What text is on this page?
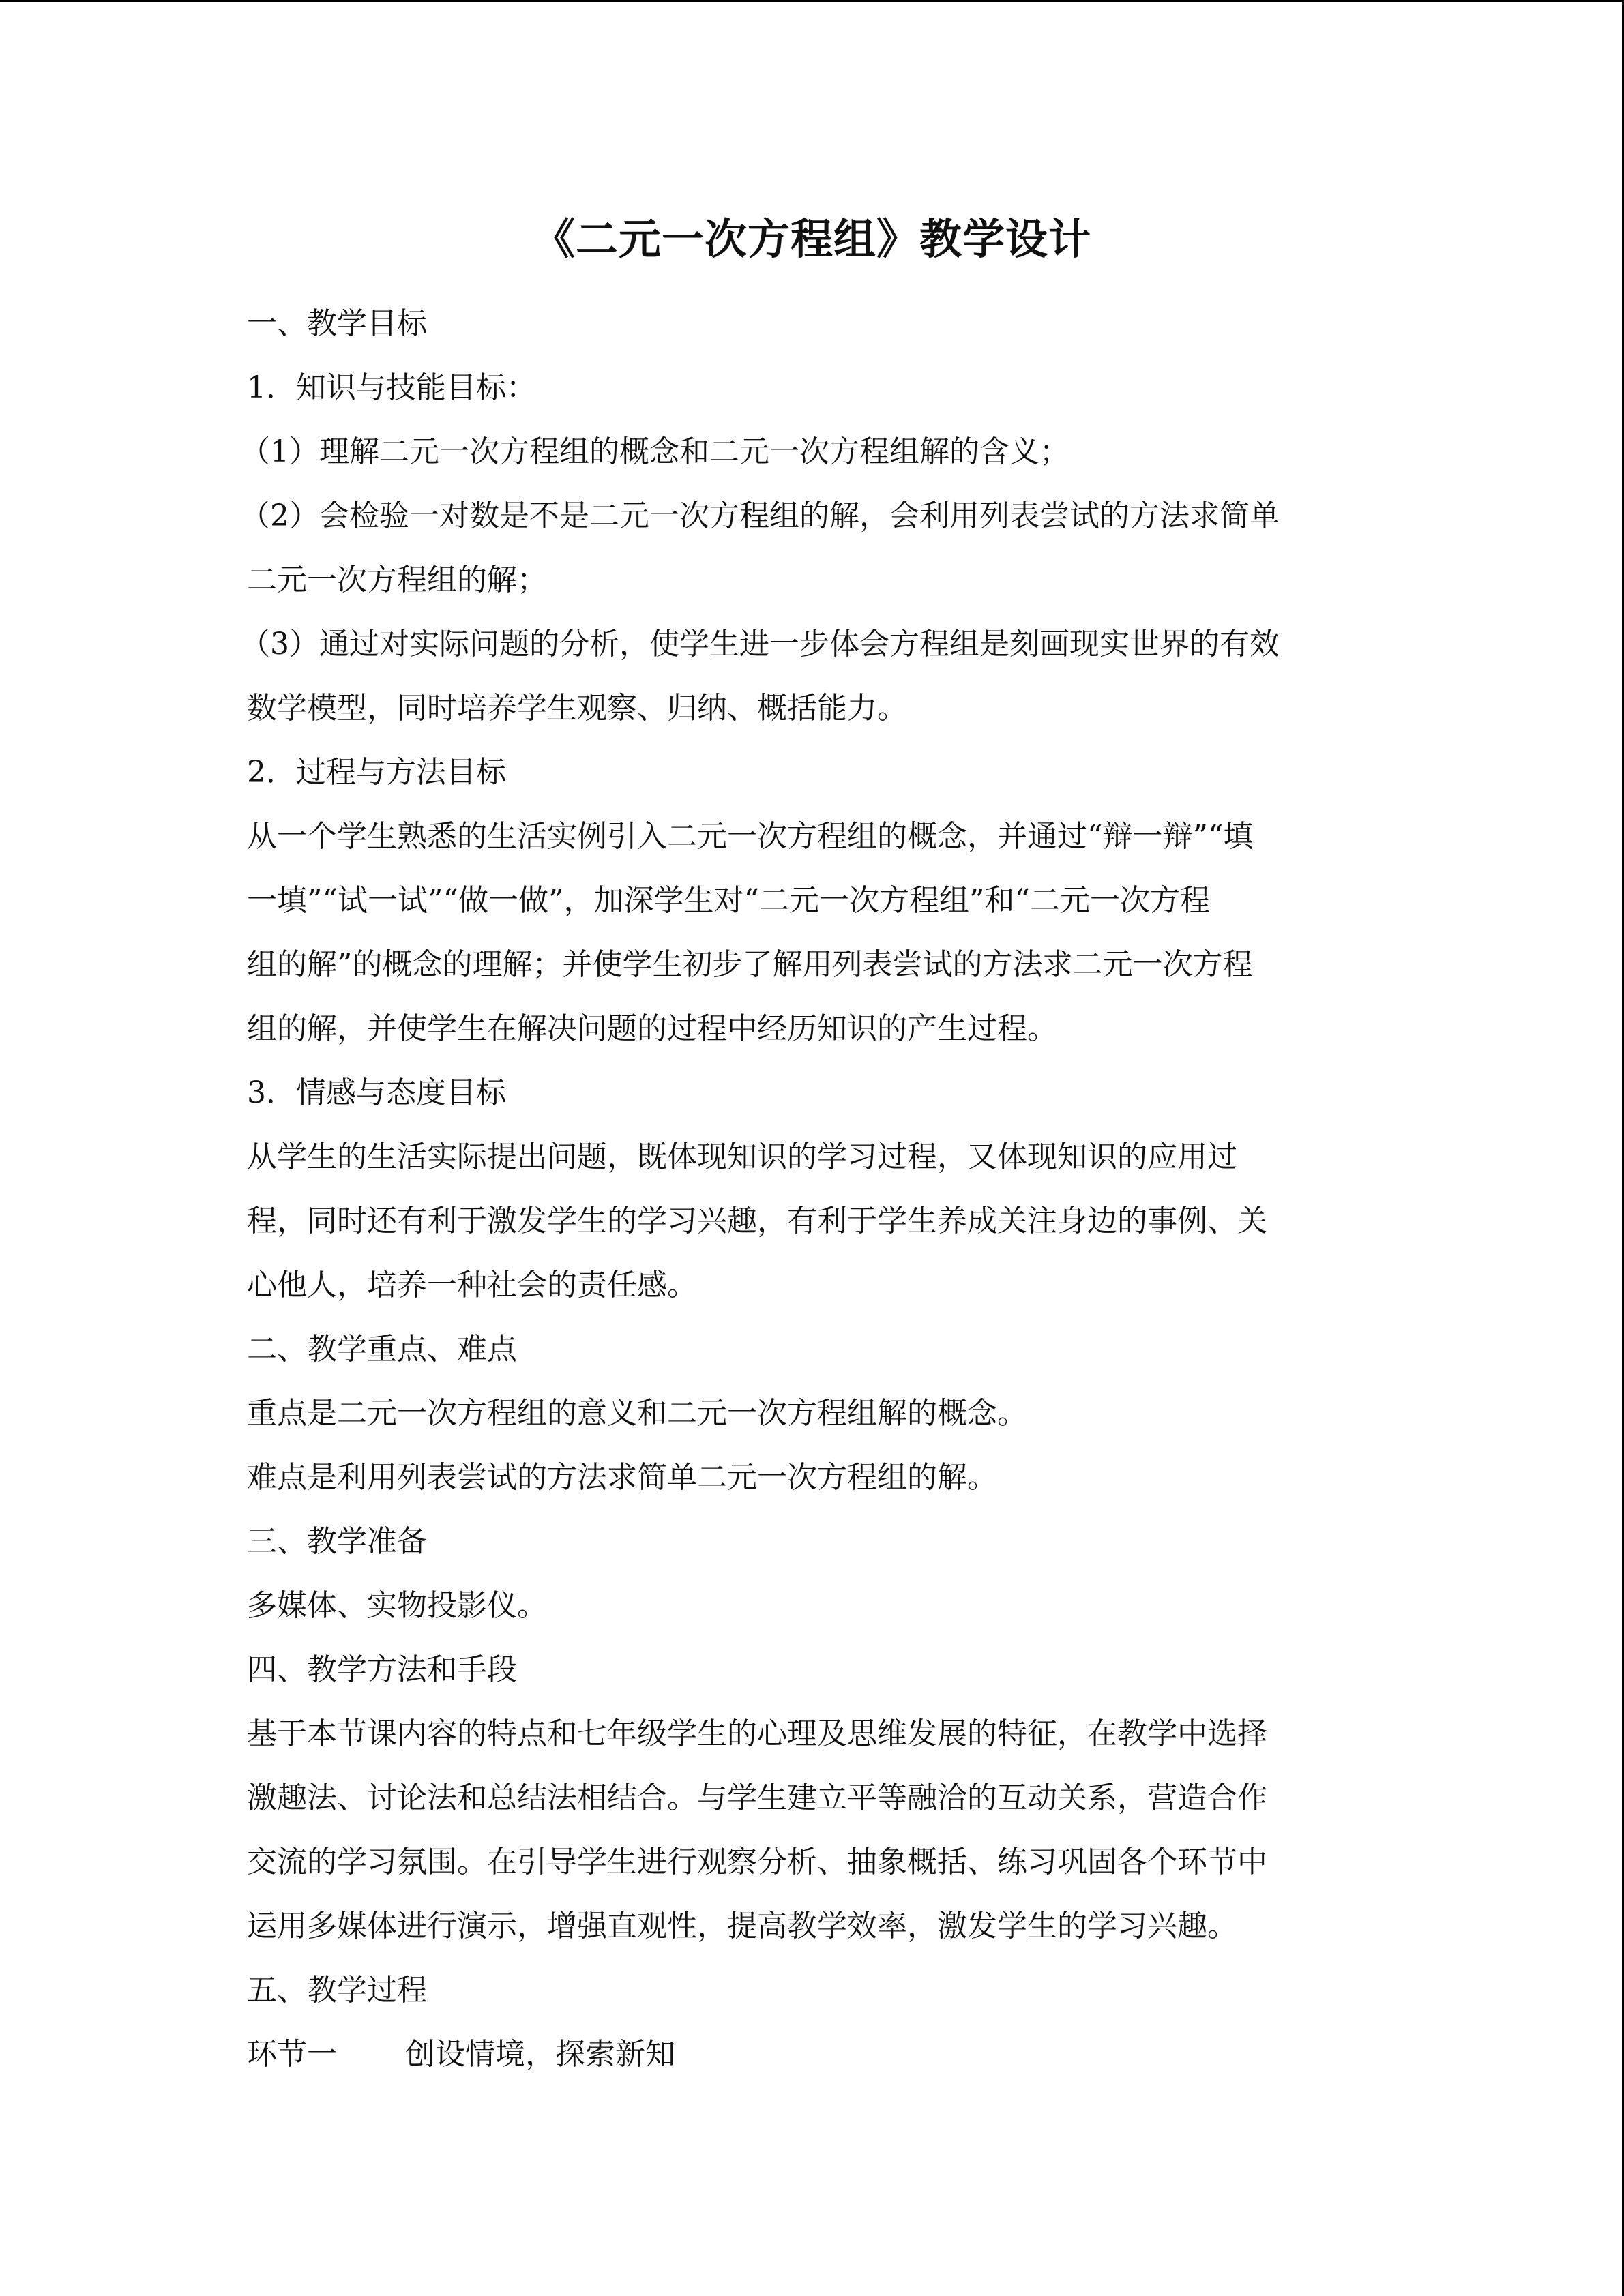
《二元一次方程组》教学设计
一、教学目标
1．知识与技能目标：
（1）理解二元一次方程组的概念和二元一次方程组解的含义；
（2）会检验一对数是不是二元一次方程组的解，会利用列表尝试的方法求简单
二元一次方程组的解；
（3）通过对实际问题的分析，使学生进一步体会方程组是刻画现实世界的有效
数学模型，同时培养学生观察、归纳、概括能力。
2．过程与方法目标
从一个学生熟悉的生活实例引入二元一次方程组的概念，并通过“辩一辩”“填
一填”“试一试”“做一做”，加深学生对“二元一次方程组”和“二元一次方程
组的解”的概念的理解；并使学生初步了解用列表尝试的方法求二元一次方程
组的解，并使学生在解决问题的过程中经历知识的产生过程。
3．情感与态度目标
从学生的生活实际提出问题，既体现知识的学习过程，又体现知识的应用过
程，同时还有利于激发学生的学习兴趣，有利于学生养成关注身边的事例、关
心他人，培养一种社会的责任感。
二、教学重点、难点
重点是二元一次方程组的意义和二元一次方程组解的概念。
难点是利用列表尝试的方法求简单二元一次方程组的解。
三、教学准备
多媒体、实物投影仪。
四、教学方法和手段
基于本节课内容的特点和七年级学生的心理及思维发展的特征，在教学中选择
激趣法、讨论法和总结法相结合。与学生建立平等融洽的互动关系，营造合作
交流的学习氛围。在引导学生进行观察分析、抽象概括、练习巩固各个环节中
运用多媒体进行演示，增强直观性，提高教学效率，激发学生的学习兴趣。
五、教学过程
环节一 创设情境，探索新知
